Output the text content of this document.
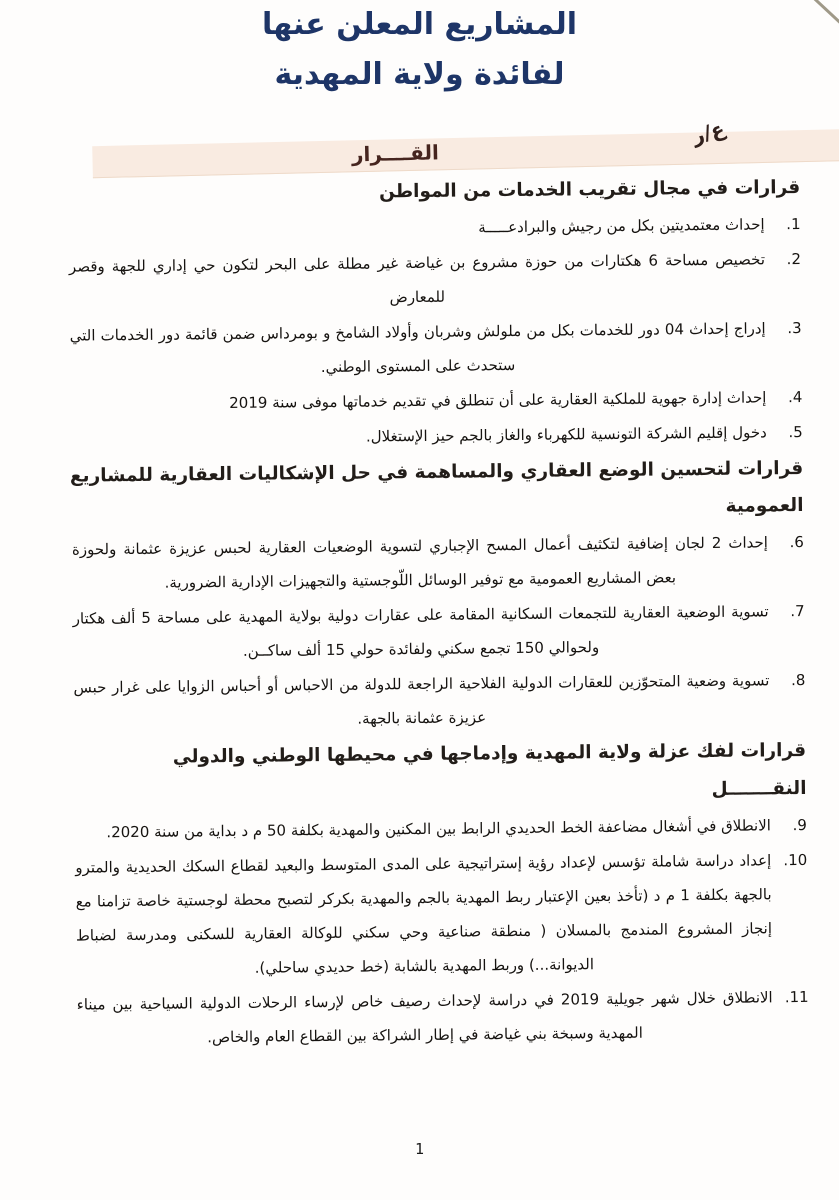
المشاريع المعلن عنها
لفائدة ولاية المهدية
القــــرار
ع/ر
قرارات في مجال تقريب الخدمات من المواطن
1.
إحداث معتمديتين بكل من رجيش والبرادعـــــة
2.
تخصيص مساحة 6 هكتارات من حوزة مشروع بن غياضة غير مطلة على البحر لتكون حي إداري للجهة وقصر للمعارض
3.
إدراج إحداث 04 دور للخدمات بكل من ملولش وشربان وأولاد الشامخ و بومرداس ضمن قائمة دور الخدمات التي ستحدث على المستوى الوطني.
4.
إحداث إدارة جهوية للملكية العقارية على أن تنطلق في تقديم خدماتها موفى سنة 2019
5.
دخول إقليم الشركة التونسية للكهرباء والغاز بالجم حيز الإستغلال.
قرارات لتحسين الوضع العقاري والمساهمة في حل الإشكاليات العقارية للمشاريع العمومية
6.
إحداث 2 لجان إضافية لتكثيف أعمال المسح الإجباري لتسوية الوضعيات العقارية لحبس عزيزة عثمانة ولحوزة بعض المشاريع العمومية مع توفير الوسائل اللّوجستية والتجهيزات الإدارية الضرورية.
7.
تسوية الوضعية العقارية للتجمعات السكانية المقامة على عقارات دولية بولاية المهدية على مساحة 5 ألف هكتار ولحوالي 150 تجمع سكني ولفائدة حولي 15 ألف ساكــن.
8.
تسوية وضعية المتحوّزين للعقارات الدولية الفلاحية الراجعة للدولة من الاحباس أو أحباس الزوايا على غرار حبس عزيزة عثمانة بالجهة.
قرارات لفك عزلة ولاية المهدية وإدماجها في محيطها الوطني والدولي
النقـــــــل
9.
الانطلاق في أشغال مضاعفة الخط الحديدي الرابط بين المكنين والمهدية بكلفة 50 م د بداية من سنة 2020.
10.
إعداد دراسة شاملة تؤسس لإعداد رؤية إستراتيجية على المدى المتوسط والبعيد لقطاع السكك الحديدية والمترو بالجهة بكلفة 1 م د (تأخذ بعين الإعتبار ربط المهدية بالجم والمهدية بكركر لتصبح محطة لوجستية خاصة تزامنا مع إنجاز المشروع المندمج بالمسلان ( منطقة صناعية وحي سكني للوكالة العقارية للسكنى ومدرسة لضباط الديوانة...) وربط المهدية بالشابة (خط حديدي ساحلي).
11.
الانطلاق خلال شهر جويلية 2019 في دراسة لإحداث رصيف خاص لإرساء الرحلات الدولية السياحية بين ميناء المهدية وسبخة بني غياضة في إطار الشراكة بين القطاع العام والخاص.
1
